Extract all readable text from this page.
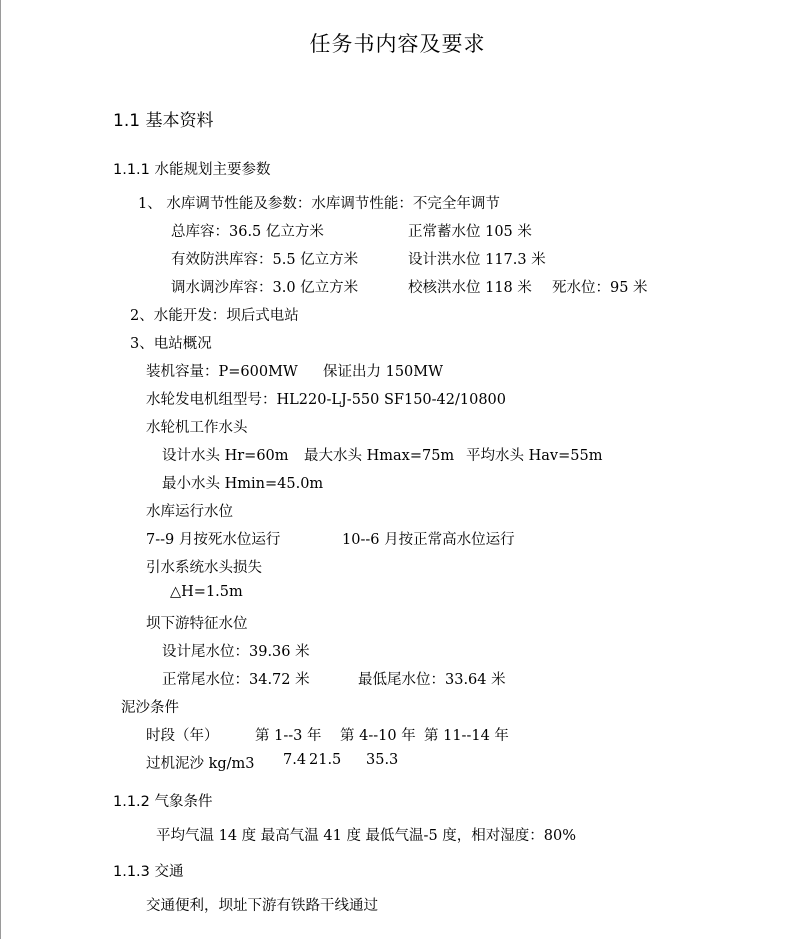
任务书内容及要求
1.1 基本资料
1.1.1 水能规划主要参数
1、 水库调节性能及参数：水库调节性能：不完全年调节
总库容：36.5 亿立方米	正常蓄水位 105 米
有效防洪库容：5.5 亿立方米	设计洪水位 117.3 米
调水调沙库容：3.0 亿立方米	校核洪水位 118 米 死水位：95 米
2、水能开发：坝后式电站
3、电站概况
装机容量：P=600MW 保证出力 150MW
水轮发电机组型号：HL220-LJ-550 SF150-42/10800
水轮机工作水头
设计水头 Hr=60m 最大水头 Hmax=75m 平均水头 Hav=55m
最小水头 Hmin=45.0m
水库运行水位
7--9 月按死水位运行	10--6 月按正常高水位运行
引水系统水头损失
△H=1.5m
坝下游特征水位
设计尾水位：39.36 米
正常尾水位：34.72 米	最低尾水位：33.64 米
泥沙条件
时段（年）	第 1--3 年 第 4--10 年 第 11--14 年
过机泥沙 kg/m3 7.4 21.5 35.3
1.1.2 气象条件
平均气温 14 度 最高气温 41 度 最低气温-5 度，相对湿度：80%
1.1.3 交通
交通便利，坝址下游有铁路干线通过
